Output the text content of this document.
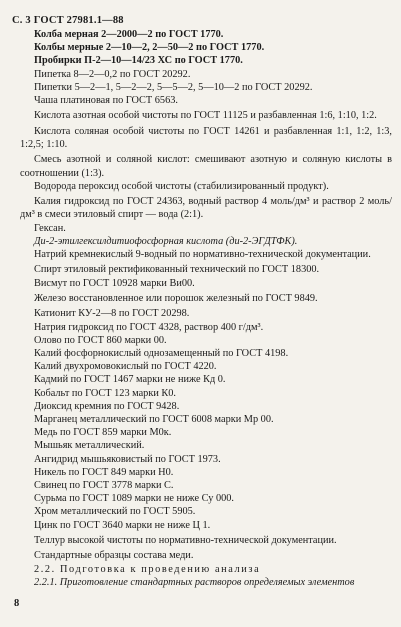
С. 3 ГОСТ 27981.1—88
Колба мерная 2—2000—2 по ГОСТ 1770.
Колбы мерные 2—10—2, 2—50—2 по ГОСТ 1770.
Пробирки П-2—10—14/23 ХС по ГОСТ 1770.
Пипетка 8—2—0,2 по ГОСТ 20292.
Пипетки 5—2—1, 5—2—2, 5—5—2, 5—10—2 по ГОСТ 20292.
Чаша платиновая по ГОСТ 6563.
Кислота азотная особой чистоты по ГОСТ 11125 и разбавленная 1:6, 1:10, 1:2.
Кислота соляная особой чистоты по ГОСТ 14261 и разбавленная 1:1, 1:2, 1:3, 1:2,5; 1:10.
Смесь азотной и соляной кислот: смешивают азотную и соляную кислоты в соотношении (1:3).
Водорода пероксид особой чистоты (стабилизированный продукт).
Калия гидроксид по ГОСТ 24363, водный раствор 4 моль/дм³ и раствор 2 моль/дм³ в смеси этиловый спирт — вода (2:1).
Гексан.
Ди-2-этилгексилдитиофосфорная кислота (ди-2-ЭГДТФК).
Натрий кремнекислый 9-водный по нормативно-технической документации.
Спирт этиловый ректификованный технический по ГОСТ 18300.
Висмут по ГОСТ 10928 марки Ви00.
Железо восстановленное или порошок железный по ГОСТ 9849.
Катионит КУ-2—8 по ГОСТ 20298.
Натрия гидроксид по ГОСТ 4328, раствор 400 г/дм³.
Олово по ГОСТ 860 марки 00.
Калий фосфорнокислый однозамещенный по ГОСТ 4198.
Калий двухромовокислый по ГОСТ 4220.
Кадмий по ГОСТ 1467 марки не ниже Кд 0.
Кобальт по ГОСТ 123 марки К0.
Диоксид кремния по ГОСТ 9428.
Марганец металлический по ГОСТ 6008 марки Мр 00.
Медь по ГОСТ 859 марки М0к.
Мышьяк металлический.
Ангидрид мышьяковистый по ГОСТ 1973.
Никель по ГОСТ 849 марки Н0.
Свинец по ГОСТ 3778 марки С.
Сурьма по ГОСТ 1089 марки не ниже Су 000.
Хром металлический по ГОСТ 5905.
Цинк по ГОСТ 3640 марки не ниже Ц 1.
Теллур высокой чистоты по нормативно-технической документации.
Стандартные образцы состава меди.
2.2. Подготовка к проведению анализа
2.2.1. Приготовление стандартных растворов определяемых элементов
8
